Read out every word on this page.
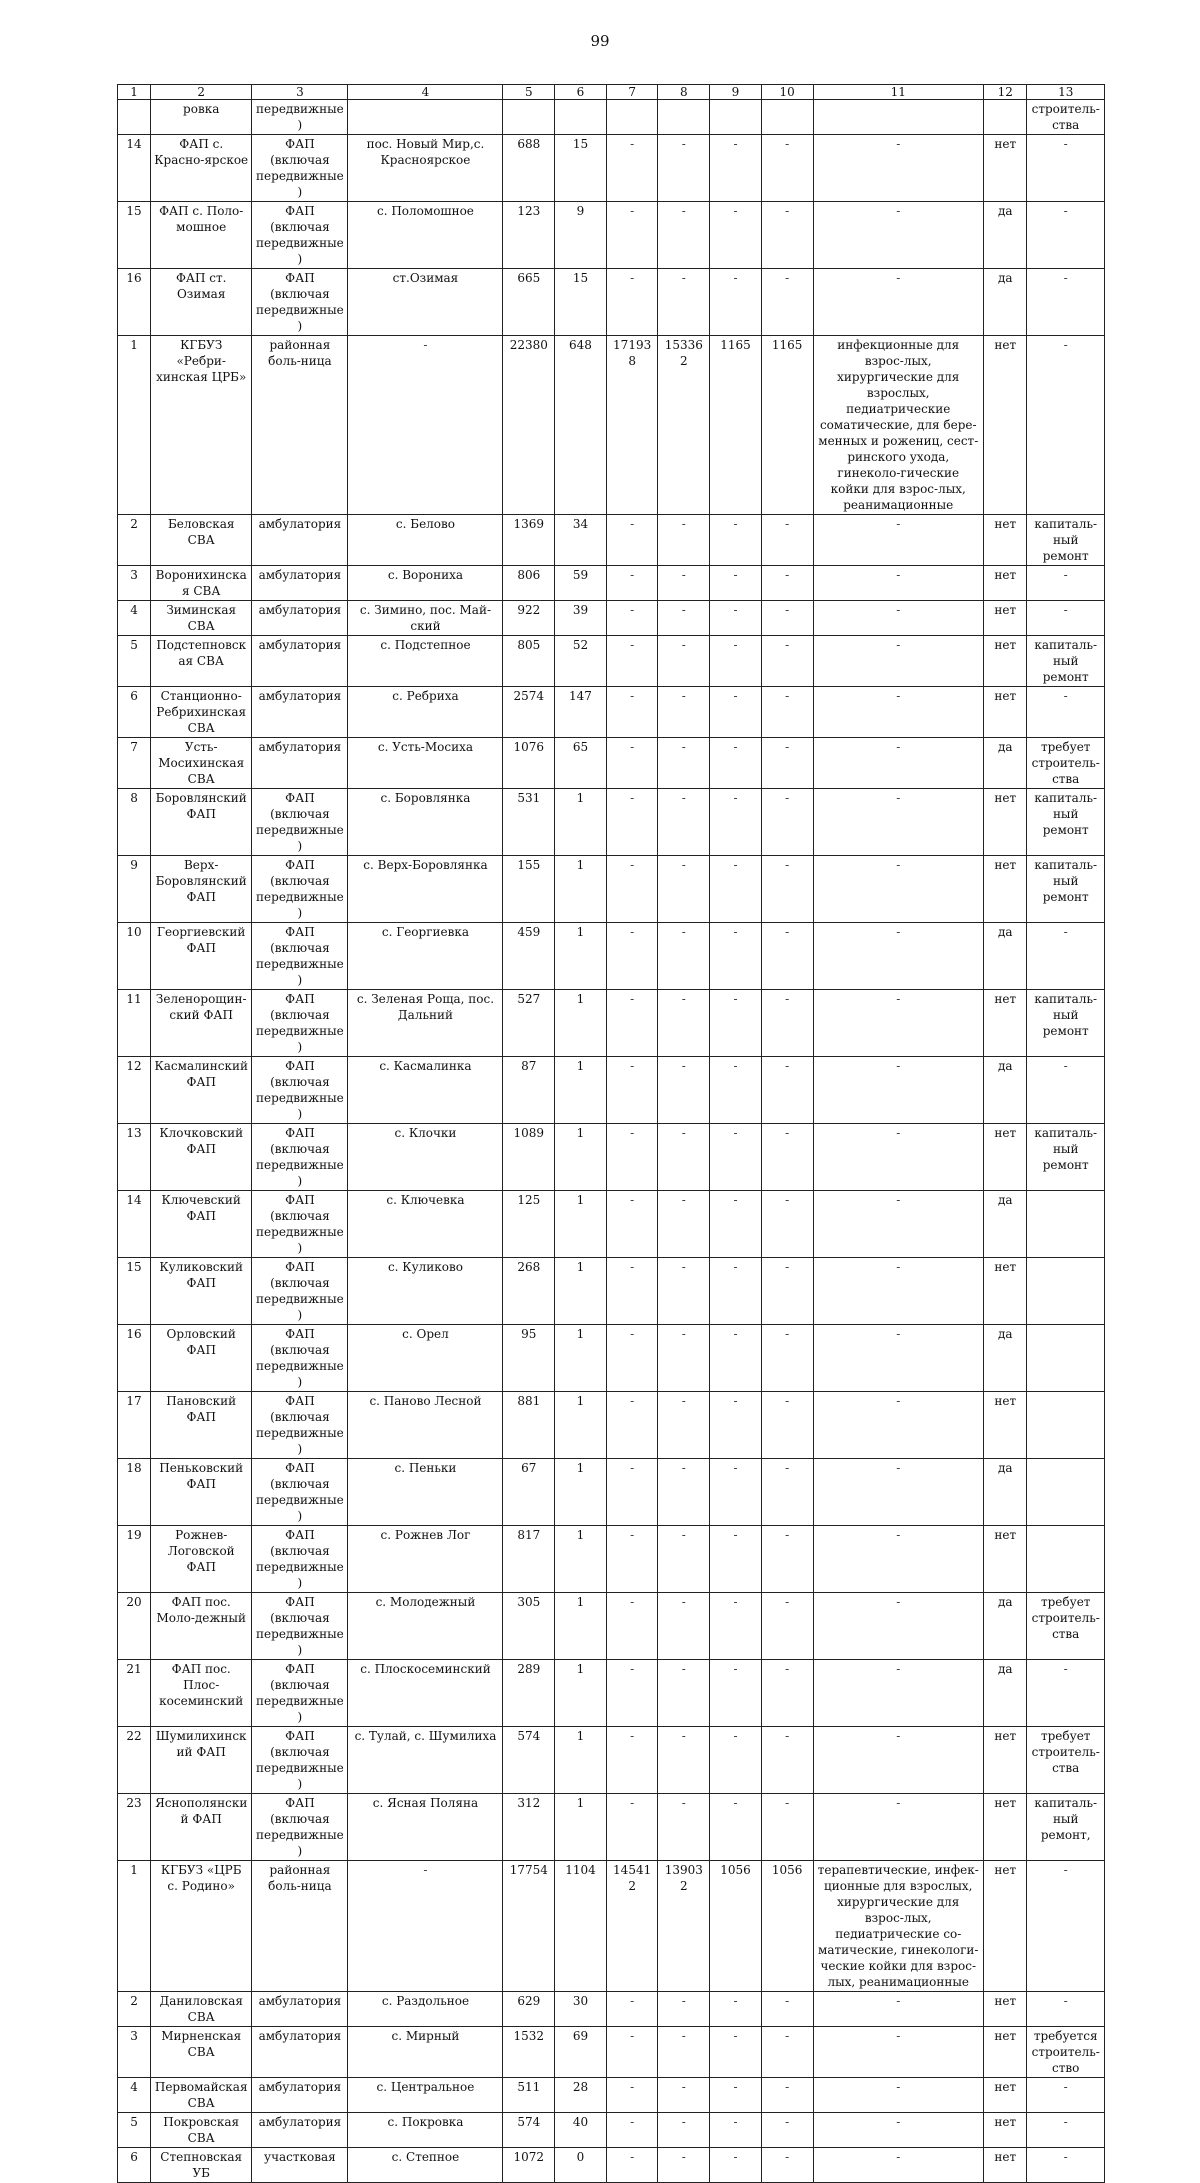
99
1	2	3	4	5	6	7	8	9	10	11	12	13
	ровка	передвижные)										строитель-ства
14	ФАП с. Красно-ярское	ФАП (включая передвижные)	пос. Новый Мир,с. Красноярское	688	15	-	-	-	-	-	нет	-
15	ФАП с. Поло-мошное	ФАП (включая передвижные)	с. Поломошное	123	9	-	-	-	-	-	да	-
16	ФАП ст. Озимая	ФАП (включая передвижные)	ст.Озимая	665	15	-	-	-	-	-	да	-
1	КГБУЗ «Ребри-хинская ЦРБ»	районная боль-ница	-	22380	648	171938	153362	1165	1165	инфекционные для взрос-лых, хирургические для взрослых, педиатрические соматические, для бере-менных и рожениц, сест-ринского ухода, гинеколо-гические койки для взрос-лых, реанимационные	нет	-
2	Беловская СВА	амбулатория	с. Белово	1369	34	-	-	-	-	-	нет	капиталь-ный ремонт
3	Воронихинская СВА	амбулатория	с. Ворониха	806	59	-	-	-	-	-	нет	-
4	Зиминская СВА	амбулатория	с. Зимино, пос. Май-ский	922	39	-	-	-	-	-	нет	-
5	Подстепновская СВА	амбулатория	с. Подстепное	805	52	-	-	-	-	-	нет	капиталь-ный ремонт
6	Станционно-Ребрихинская СВА	амбулатория	с. Ребриха	2574	147	-	-	-	-	-	нет	-
7	Усть-Мосихинская СВА	амбулатория	с. Усть-Мосиха	1076	65	-	-	-	-	-	да	требует строитель-ства
8	Боровлянский ФАП	ФАП (включая передвижные)	с. Боровлянка	531	1	-	-	-	-	-	нет	капиталь-ный ремонт
9	Верх-Боровлянский ФАП	ФАП (включая передвижные)	с. Верх-Боровлянка	155	1	-	-	-	-	-	нет	капиталь-ный ремонт
10	Георгиевский ФАП	ФАП (включая передвижные)	с. Георгиевка	459	1	-	-	-	-	-	да	-
11	Зеленорощин-ский ФАП	ФАП (включая передвижные)	с. Зеленая Роща, пос. Дальний	527	1	-	-	-	-	-	нет	капиталь-ный ремонт
12	Касмалинский ФАП	ФАП (включая передвижные)	с. Касмалинка	87	1	-	-	-	-	-	да	-
13	Клочковский ФАП	ФАП (включая передвижные)	с. Клочки	1089	1	-	-	-	-	-	нет	капиталь-ный ремонт
14	Ключевский ФАП	ФАП (включая передвижные)	с. Ключевка	125	1	-	-	-	-	-	да	
15	Куликовский ФАП	ФАП (включая передвижные)	с. Куликово	268	1	-	-	-	-	-	нет	
16	Орловский ФАП	ФАП (включая передвижные)	с. Орел	95	1	-	-	-	-	-	да	
17	Пановский ФАП	ФАП (включая передвижные)	с. Паново Лесной	881	1	-	-	-	-	-	нет	
18	Пеньковский ФАП	ФАП (включая передвижные)	с. Пеньки	67	1	-	-	-	-	-	да	
19	Рожнев-Логовской ФАП	ФАП (включая передвижные)	с. Рожнев Лог	817	1	-	-	-	-	-	нет	
20	ФАП пос. Моло-дежный	ФАП (включая передвижные)	с. Молодежный	305	1	-	-	-	-	-	да	требует строитель-ства
21	ФАП пос. Плос-косеминский	ФАП (включая передвижные)	с. Плоскосеминский	289	1	-	-	-	-	-	да	-
22	Шумилихинский ФАП	ФАП (включая передвижные)	с. Тулай, с. Шумилиха	574	1	-	-	-	-	-	нет	требует строитель-ства
23	Яснополянский ФАП	ФАП (включая передвижные)	с. Ясная Поляна	312	1	-	-	-	-	-	нет	капиталь-ный ремонт,
1	КГБУЗ «ЦРБ с. Родино»	районная боль-ница	-	17754	1104	145412	139032	1056	1056	терапевтические, инфек-ционные для взрослых, хирургические для взрос-лых, педиатрические со-матические, гинекологи-ческие койки для взрос-лых, реанимационные	нет	-
2	Даниловская СВА	амбулатория	с. Раздольное	629	30	-	-	-	-	-	нет	-
3	Мирненская СВА	амбулатория	с. Мирный	1532	69	-	-	-	-	-	нет	требуется строитель-ство
4	Первомайская СВА	амбулатория	с. Центральное	511	28	-	-	-	-	-	нет	-
5	Покровская СВА	амбулатория	с. Покровка	574	40	-	-	-	-	-	нет	-
6	Степновская УБ	участковая	с. Степное	1072	0	-	-	-	-	-	нет	-
